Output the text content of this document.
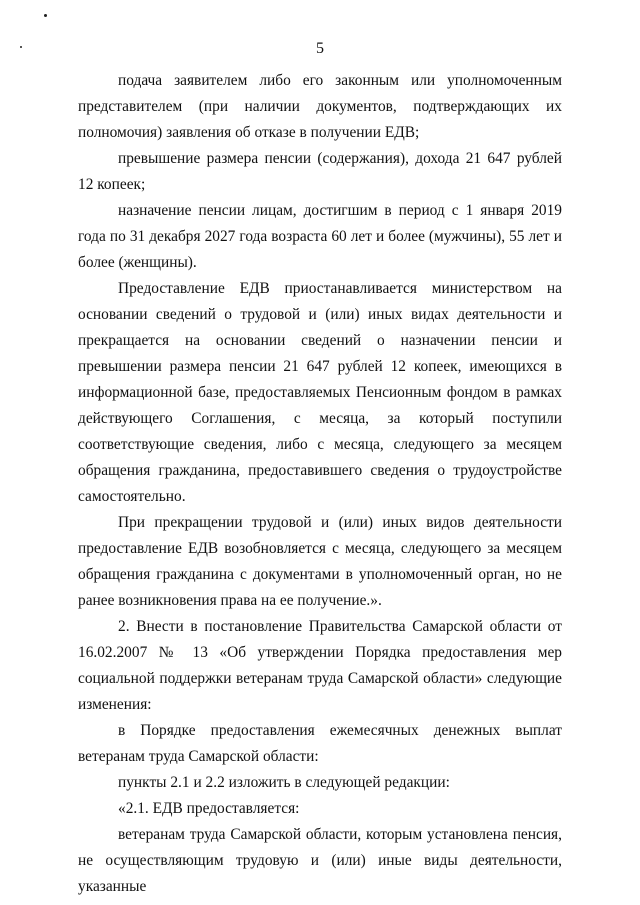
5

подача заявителем либо его законным или уполномоченным представителем (при наличии документов, подтверждающих их полномочия) заявления об отказе в получении ЕДВ;

превышение размера пенсии (содержания), дохода 21 647 рублей 12 копеек;

назначение пенсии лицам, достигшим в период с 1 января 2019 года по 31 декабря 2027 года возраста 60 лет и более (мужчины), 55 лет и более (женщины).

Предоставление ЕДВ приостанавливается министерством на основании сведений о трудовой и (или) иных видах деятельности и прекращается на основании сведений о назначении пенсии и превышении размера пенсии 21 647 рублей 12 копеек, имеющихся в информационной базе, предоставляемых Пенсионным фондом в рамках действующего Соглашения, с месяца, за который поступили соответствующие сведения, либо с месяца, следующего за месяцем обращения гражданина, предоставившего сведения о трудоустройстве самостоятельно.

При прекращении трудовой и (или) иных видов деятельности предоставление ЕДВ возобновляется с месяца, следующего за месяцем обращения гражданина с документами в уполномоченный орган, но не ранее возникновения права на ее получение.».

2. Внести в постановление Правительства Самарской области от 16.02.2007 № 13 «Об утверждении Порядка предоставления мер социальной поддержки ветеранам труда Самарской области» следующие изменения:

в Порядке предоставления ежемесячных денежных выплат ветеранам труда Самарской области:

пункты 2.1 и 2.2 изложить в следующей редакции:

«2.1. ЕДВ предоставляется:

ветеранам труда Самарской области, которым установлена пенсия, не осуществляющим трудовую и (или) иные виды деятельности, указанные
